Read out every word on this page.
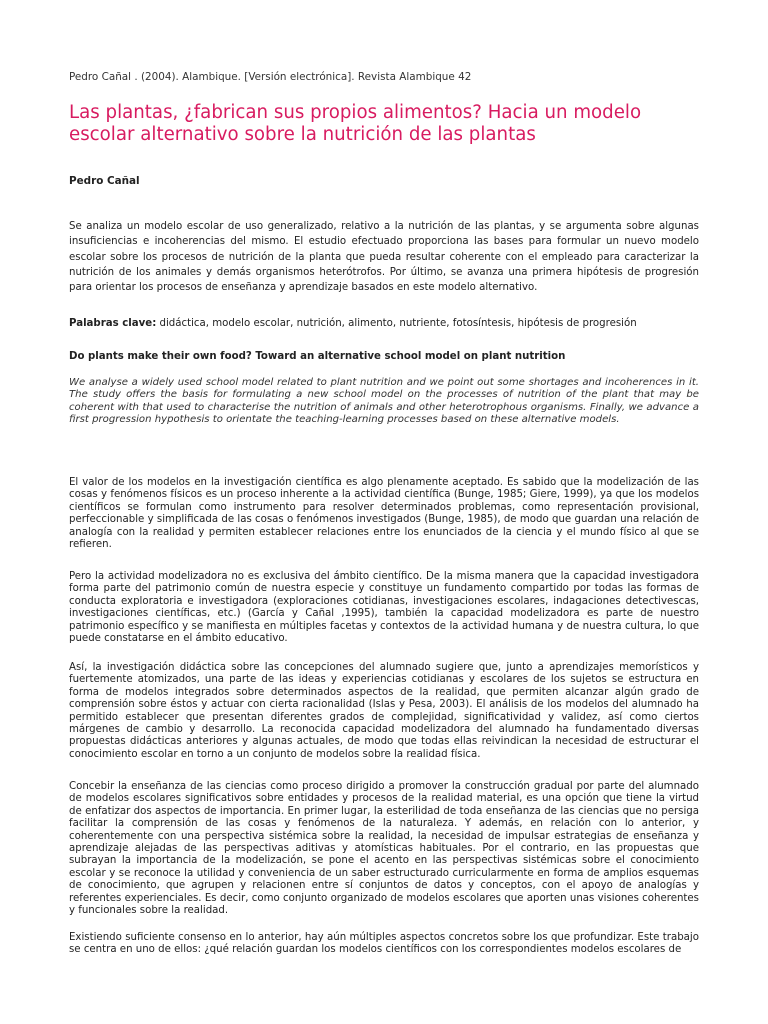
Pedro Cañal . (2004). Alambique. [Versión electrónica]. Revista Alambique 42
Las plantas, ¿fabrican sus propios alimentos? Hacia un modelo escolar alternativo sobre la nutrición de las plantas
Pedro Cañal

Se analiza un modelo escolar de uso generalizado, relativo a la nutrición de las plantas, y se argumenta sobre algunas insuficiencias e incoherencias del mismo. El estudio efectuado proporciona las bases para formular un nuevo modelo escolar sobre los procesos de nutrición de la planta que pueda resultar coherente con el empleado para caracterizar la nutrición de los animales y demás organismos heterótrofos. Por último, se avanza una primera hipótesis de progresión para orientar los procesos de enseñanza y aprendizaje basados en este modelo alternativo.

Palabras clave: didáctica, modelo escolar, nutrición, alimento, nutriente, fotosíntesis, hipótesis de progresión
Do plants make their own food? Toward an alternative school model on plant nutrition

We analyse a widely used school model related to plant nutrition and we point out some shortages and incoherences in it. The study offers the basis for formulating a new school model on the processes of nutrition of the plant that may be coherent with that used to characterise the nutrition of animals and other heterotrophous organisms. Finally, we advance a first progression hypothesis to orientate the teaching-learning processes based on these alternative models.

El valor de los modelos en la investigación científica es algo plenamente aceptado. Es sabido que la modelización de las cosas y fenómenos físicos es un proceso inherente a la actividad científica (Bunge, 1985; Giere, 1999), ya que los modelos científicos se formulan como instrumento para resolver determinados problemas, como representación provisional, perfeccionable y simplificada de las cosas o fenómenos investigados (Bunge, 1985), de modo que guardan una relación de analogía con la realidad y permiten establecer relaciones entre los enunciados de la ciencia y el mundo físico al que se refieren.

Pero la actividad modelizadora no es exclusiva del ámbito científico. De la misma manera que la capacidad investigadora forma parte del patrimonio común de nuestra especie y constituye un fundamento compartido por todas las formas de conducta exploratoria e investigadora (exploraciones cotidianas, investigaciones escolares, indagaciones detectivescas, investigaciones científicas, etc.) (García y Cañal ,1995), también la capacidad modelizadora es parte de nuestro patrimonio específico y se manifiesta en múltiples facetas y contextos de la actividad humana y de nuestra cultura, lo que puede constatarse en el ámbito educativo.

Así, la investigación didáctica sobre las concepciones del alumnado sugiere que, junto a aprendizajes memorísticos y fuertemente atomizados, una parte de las ideas y experiencias cotidianas y escolares de los sujetos se estructura en forma de modelos integrados sobre determinados aspectos de la realidad, que permiten alcanzar algún grado de comprensión sobre éstos y actuar con cierta racionalidad (Islas y Pesa, 2003). El análisis de los modelos del alumnado ha permitido establecer que presentan diferentes grados de complejidad, significatividad y validez, así como ciertos márgenes de cambio y desarrollo. La reconocida capacidad modelizadora del alumnado ha fundamentado diversas propuestas didácticas anteriores y algunas actuales, de modo que todas ellas reivindican la necesidad de estructurar el conocimiento escolar en torno a un conjunto de modelos sobre la realidad física.

Concebir la enseñanza de las ciencias como proceso dirigido a promover la construcción gradual por parte del alumnado de modelos escolares significativos sobre entidades y procesos de la realidad material, es una opción que tiene la virtud de enfatizar dos aspectos de importancia. En primer lugar, la esterilidad de toda enseñanza de las ciencias que no persiga facilitar la comprensión de las cosas y fenómenos de la naturaleza. Y además, en relación con lo anterior, y coherentemente con una perspectiva sistémica sobre la realidad, la necesidad de impulsar estrategias de enseñanza y aprendizaje alejadas de las perspectivas aditivas y atomísticas habituales. Por el contrario, en las propuestas que subrayan la importancia de la modelización, se pone el acento en las perspectivas sistémicas sobre el conocimiento escolar y se reconoce la utilidad y conveniencia de un saber estructurado curricularmente en forma de amplios esquemas de conocimiento, que agrupen y relacionen entre sí conjuntos de datos y conceptos, con el apoyo de analogías y referentes experienciales. Es decir, como conjunto organizado de modelos escolares que aporten unas visiones coherentes y funcionales sobre la realidad.

Existiendo suficiente consenso en lo anterior, hay aún múltiples aspectos concretos sobre los que profundizar. Este trabajo se centra en uno de ellos: ¿qué relación guardan los modelos científicos con los correspondientes modelos escolares de
